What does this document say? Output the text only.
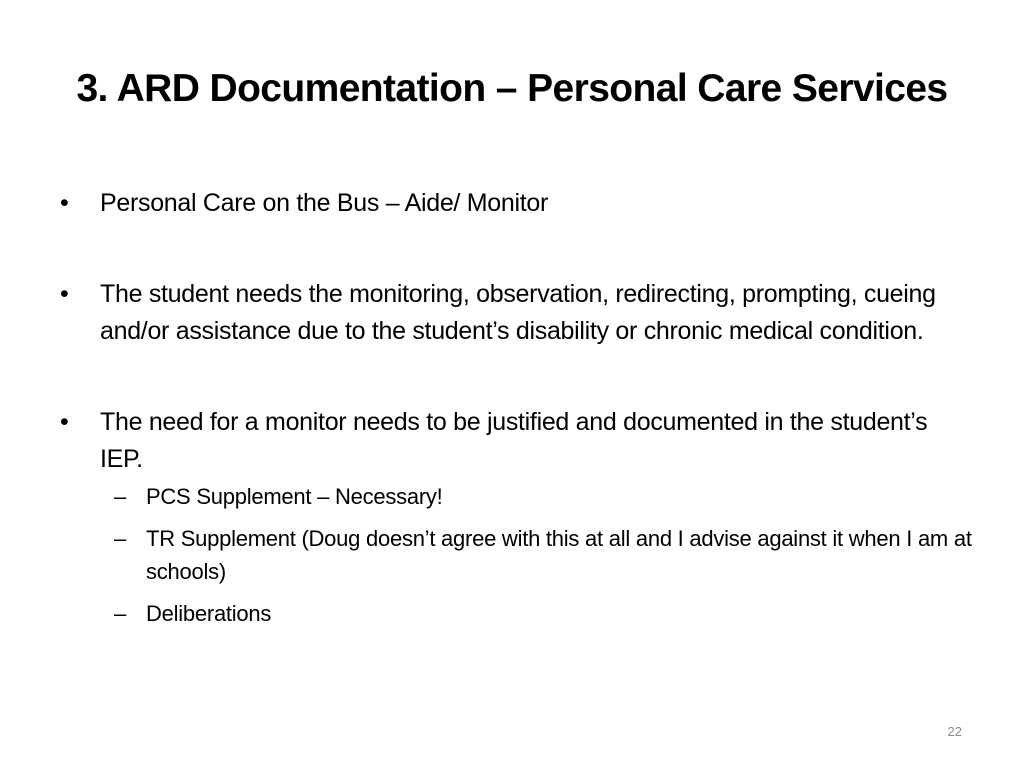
3. ARD Documentation – Personal Care Services
•	Personal Care on the Bus – Aide/ Monitor
•	The student needs the monitoring, observation, redirecting, prompting, cueing and/or assistance due to the student’s disability or chronic medical condition.
•	The need for a monitor needs to be justified and documented in the student’s IEP.
– PCS Supplement – Necessary!
– TR Supplement (Doug doesn’t agree with this at all and I advise against it when I am at schools)
– Deliberations
22
